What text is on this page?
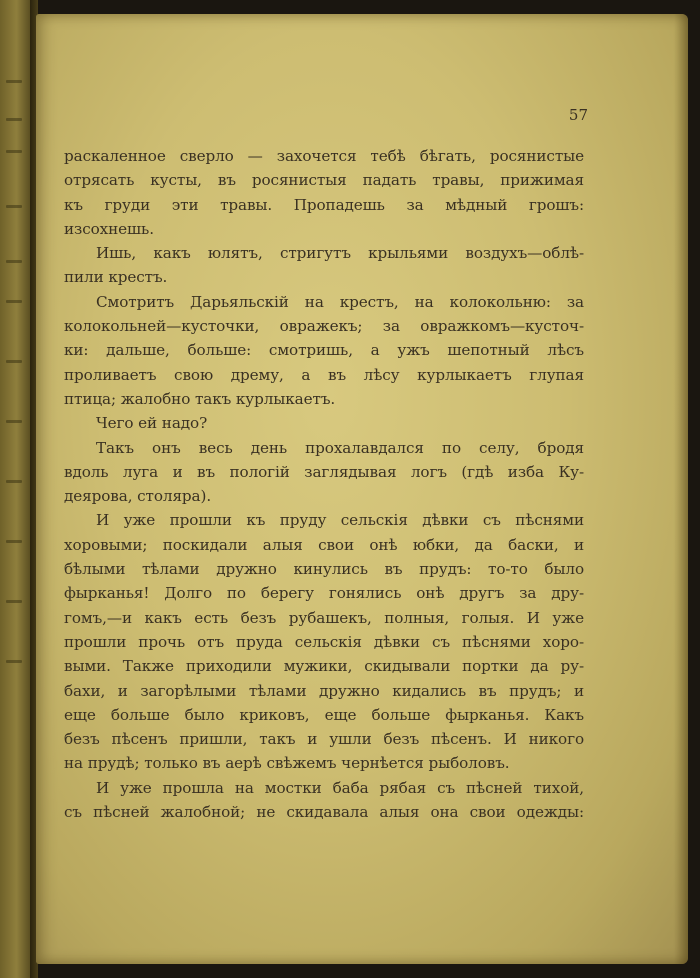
57
раскаленное сверло — захочется тебѣ бѣгать, росянистые
отрясать кусты, въ росянистыя падать травы, прижимая
къ груди эти травы. Пропадешь за мѣдный грошъ:
изсохнешь.
Ишь, какъ юлятъ, стригутъ крыльями воздухъ—облѣ-
пили крестъ.
Смотритъ Дарьяльскій на крестъ, на колокольню: за
колокольней—кусточки, овражекъ; за овражкомъ—кусточ-
ки: дальше, больше: смотришь, а ужъ шепотный лѣсъ
проливаетъ свою дрему, а въ лѣсу курлыкаетъ глупая
птица; жалобно такъ курлыкаетъ.
Чего ей надо?
Такъ онъ весь день прохалавдался по селу, бродя
вдоль луга и въ пологій заглядывая логъ (гдѣ изба Ку-
деярова, столяра).
И уже прошли къ пруду сельскія дѣвки съ пѣснями
хоровыми; поскидали алыя свои онѣ юбки, да баски, и
бѣлыми тѣлами дружно кинулись въ прудъ: то-то было
фырканья! Долго по берегу гонялись онѣ другъ за дру-
гомъ,—и какъ есть безъ рубашекъ, полныя, голыя. И уже
прошли прочь отъ пруда сельскія дѣвки съ пѣснями хоро-
выми. Также приходили мужики, скидывали портки да ру-
бахи, и загорѣлыми тѣлами дружно кидались въ прудъ; и
еще больше было криковъ, еще больше фырканья. Какъ
безъ пѣсенъ пришли, такъ и ушли безъ пѣсенъ. И никого
на прудѣ; только въ аерѣ свѣжемъ чернѣется рыболовъ.
И уже прошла на мостки баба рябая съ пѣсней тихой,
съ пѣсней жалобной; не скидавала алыя она свои одежды:
